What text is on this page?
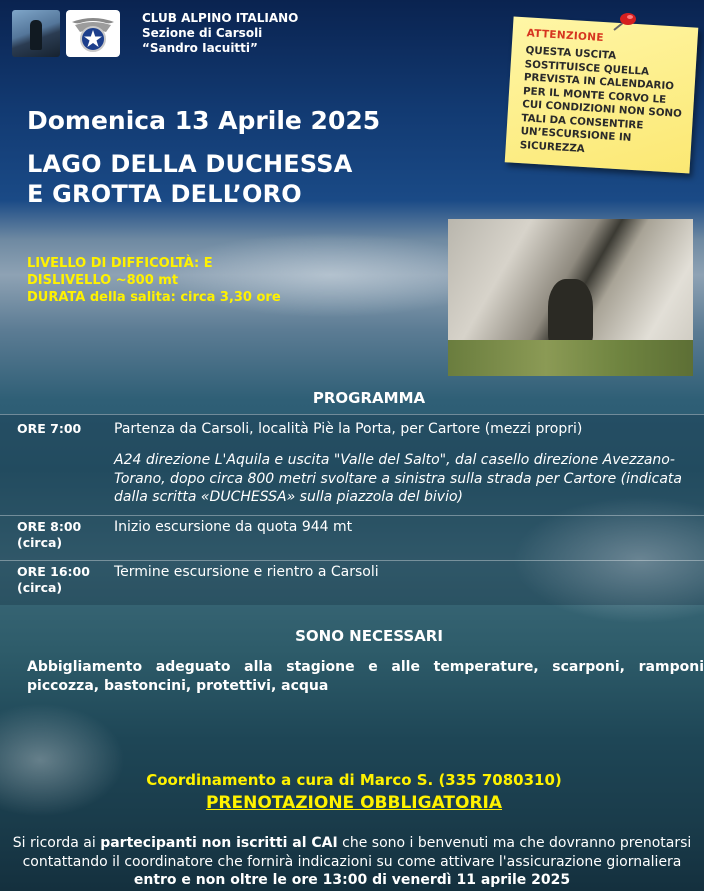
CLUB ALPINO ITALIANO
Sezione di Carsoli
“Sandro Iacuitti”
Domenica 13 Aprile 2025
LAGO DELLA DUCHESSA
E GROTTA DELL’ORO
ATTENZIONE
QUESTA USCITA SOSTITUISCE QUELLA PREVISTA IN CALENDARIO PER IL MONTE CORVO LE CUI CONDIZIONI NON SONO TALI DA CONSENTIRE UN’ESCURSIONE IN SICUREZZA
LIVELLO DI DIFFICOLTÀ: E
DISLIVELLO ~800 mt
DURATA della salita: circa 3,30 ore
PROGRAMMA
ORE 7:00 Partenza da Carsoli, località Piè la Porta, per Cartore (mezzi propri)
A24 direzione L'Aquila e uscita "Valle del Salto", dal casello direzione Avezzano-Torano, dopo circa 800 metri svoltare a sinistra sulla strada per Cartore (indicata dalla scritta «DUCHESSA» sulla piazzola del bivio)
ORE 8:00
(circa)
Inizio escursione da quota 944 mt
ORE 16:00
(circa)
Termine escursione e rientro a Carsoli
SONO NECESSARI
Abbigliamento adeguato alla stagione e alle temperature, scarponi, ramponi piccozza, bastoncini, protettivi, acqua
Coordinamento a cura di Marco S. (335 7080310)
PRENOTAZIONE OBBLIGATORIA
Si ricorda ai partecipanti non iscritti al CAI che sono i benvenuti ma che dovranno prenotarsi contattando il coordinatore che fornirà indicazioni su come attivare l'assicurazione giornaliera entro e non oltre le ore 13:00 di venerdì 11 aprile 2025
